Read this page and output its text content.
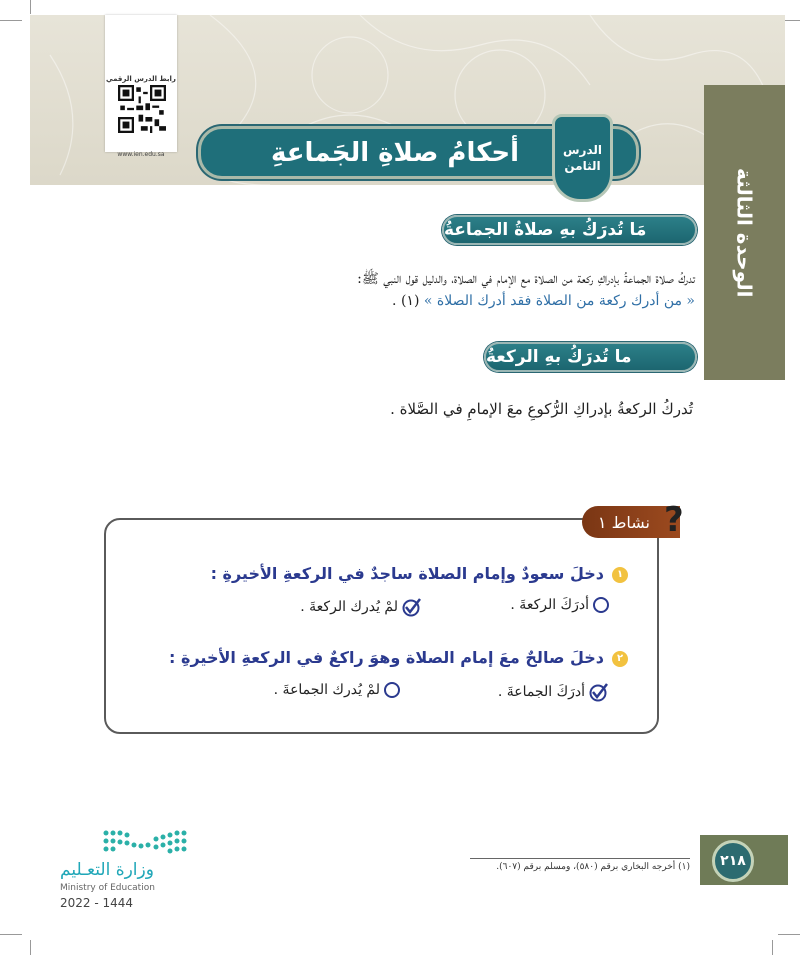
الوحدة الثالثة
رابط الدرس الرقمي
www.ien.edu.sa	أحكامُ صلاةِ الجَماعةِ	الدرس
الثامن
مَا تُدرَكُ بهِ صلاةُ الجماعةُ
تدركُ صلاة الجماعةُ بإدراكِ ركعة من الصلاة مع الإمام في الصلاة، والدليل قول النبي ﷺ:
« من أدرك ركعة من الصلاة فقد أدرك الصلاة » (١) .
ما تُدرَكُ بهِ الركعةُ
تُدركُ الركعةُ بإدراكِ الرُّكوعِ معَ الإمامِ في الصَّلاة .
نشاط ١ ?
١دخلَ سعودٌ وإمام الصلاة ساجدٌ في الركعةِ الأخيرةِ :
أدرَكَ الركعةَ .
لمْ يُدرك الركعةَ .
٢دخلَ صالحٌ معَ إمام الصلاة وهوَ راكعٌ في الركعةِ الأخيرةِ :
أدرَكَ الجماعةَ .
لمْ يُدرك الجماعةَ .
(١) أخرجه البخاري برقم (٥٨٠)، ومسلم برقم (٦٠٧).	٢١٨
وزارة التعـليم
Ministry of Education
2022 - 1444
